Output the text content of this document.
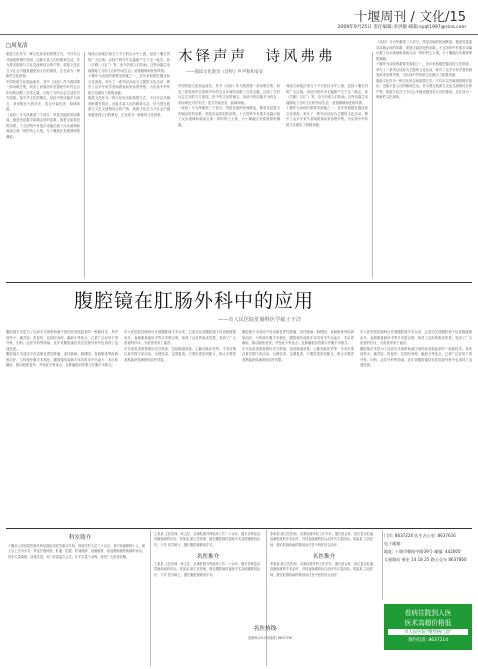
十堰周刊 / 文化/15
2009年9月25日 责任编辑:李洪敏 邮箱:syqt1997@sina.com
□周龙清
木铎声声　诗风弗弗
——阅读文化新诗《诗经》声声和和安安

旅游文化作为一种文化形态和游憩方式，不仅可以开阔视野增长知识，还能丰富人们的精神生活。作为观光旅游与文化交流相结合的产物，旅游文化在当今社会中越来越受到人们的重视，正在成为一种新的文化现象。

中国传统文化源远流长，其中《诗经》作为我国第一部诗歌总集，收录了西周初年至春秋中叶约五百年间的诗歌三百零五篇，反映了当时社会生活的方方面面，是中华文化的瑰宝。诗经中的诗篇多为四言，采用赋比兴的手法，语言朴素优美，韵律和谐。

《诗经》分为风雅颂三个部分，风是各地的民间歌谣，雅是宫廷宴享或朝会时的乐歌，颂是宗庙祭祀的乐歌。十五国风中有很多诗篇记载了汉水流域和周南召南一带的风土人情，与十堰地区有着深厚的渊源。

周南召南地区相当于今天的汉水中上游，包括十堰在内的广大区域。诗经中的许多名篇都产生于这一地区，如《关雎》《汉广》等，至今仍被人们传诵。这些诗篇生动地描绘了当时人们的劳动生活、爱情婚姻和民俗风情。

十堰作为诗经的重要发源地之一，近年来积极挖掘诗经文化资源，举办了一系列以诗经为主题的文化活动，吸引了众多专家学者和游客前来参观考察，为弘扬中华传统文化做出了积极贡献。

旅游文化作为一种文化形态和游憩方式，不仅可以开阔视野增长知识，还能丰富人们的精神生活。作为观光旅游与文化交流相结合的产物，旅游文化在当今社会中越来越受到人们的重视，正在成为一种新的文化现象。

中国传统文化源远流长，其中《诗经》作为我国第一部诗歌总集，收录了西周初年至春秋中叶约五百年间的诗歌三百零五篇，反映了当时社会生活的方方面面，是中华文化的瑰宝。诗经中的诗篇多为四言，采用赋比兴的手法，语言朴素优美，韵律和谐。

《诗经》分为风雅颂三个部分，风是各地的民间歌谣，雅是宫廷宴享或朝会时的乐歌，颂是宗庙祭祀的乐歌。十五国风中有很多诗篇记载了汉水流域和周南召南一带的风土人情，与十堰地区有着深厚的渊源。

周南召南地区相当于今天的汉水中上游，包括十堰在内的广大区域。诗经中的许多名篇都产生于这一地区，如《关雎》《汉广》等，至今仍被人们传诵。这些诗篇生动地描绘了当时人们的劳动生活、爱情婚姻和民俗风情。

十堰作为诗经的重要发源地之一，近年来积极挖掘诗经文化资源，举办了一系列以诗经为主题的文化活动，吸引了众多专家学者和游客前来参观考察，为弘扬中华传统文化做出了积极贡献。

《诗经》分为风雅颂三个部分，风是各地的民间歌谣，雅是宫廷宴享或朝会时的乐歌，颂是宗庙祭祀的乐歌。十五国风中有很多诗篇记载了汉水流域和周南召南一带的风土人情，与十堰地区有着深厚的渊源。

十堰作为诗经的重要发源地之一，近年来积极挖掘诗经文化资源，举办了一系列以诗经为主题的文化活动，吸引了众多专家学者和游客前来参观考察，为弘扬中华传统文化做出了积极贡献。

旅游文化作为一种文化形态和游憩方式，不仅可以开阔视野增长知识，还能丰富人们的精神生活。作为观光旅游与文化交流相结合的产物，旅游文化在当今社会中越来越受到人们的重视，正在成为一种新的文化现象。

腹腔镜在肛肠外科中的应用
——市人民医院肛肠科医学硕士于洋

腹腔镜手术是为了达到手术视野和减少创伤而发展起来的一种新技术，具有创伤小、痛苦轻、恢复快、住院时间短、瘢痕小等优点，已被广泛应用于普外科、妇科、泌尿外科等领域。近年来腹腔镜技术在肛肠外科中也得到了迅速发展。

腹腔镜手术适用于结直肠良恶性肿瘤、炎性肠病、肠梗阻、直肠脱垂等疾病的治疗。与传统开腹手术相比，腹腔镜结直肠手术具有术中出血少、术后疼痛轻、肠功能恢复快、并发症少等优点，且肿瘤根治效果与开腹手术相当。

市人民医院肛肠科自开展腹腔镜手术以来，已成功完成腹腔镜下结直肠癌根治术、直肠脱垂悬吊术等手术数百例，取得了良好的临床效果，受到了广大患者的好评，为患者带来了福音。

手术前患者需要做好充分准备，包括肠道准备、心肺功能评估等；手术后要注意早期下床活动、合理饮食，定期复查。只要医患密切配合，绝大多数患者都能获得满意的治疗效果。

腹腔镜手术适用于结直肠良恶性肿瘤、炎性肠病、肠梗阻、直肠脱垂等疾病的治疗。与传统开腹手术相比，腹腔镜结直肠手术具有术中出血少、术后疼痛轻、肠功能恢复快、并发症少等优点，且肿瘤根治效果与开腹手术相当。

手术前患者需要做好充分准备，包括肠道准备、心肺功能评估等；手术后要注意早期下床活动、合理饮食，定期复查。只要医患密切配合，绝大多数患者都能获得满意的治疗效果。

市人民医院肛肠科自开展腹腔镜手术以来，已成功完成腹腔镜下结直肠癌根治术、直肠脱垂悬吊术等手术数百例，取得了良好的临床效果，受到了广大患者的好评，为患者带来了福音。

腹腔镜手术是为了达到手术视野和减少创伤而发展起来的一种新技术，具有创伤小、痛苦轻、恢复快、住院时间短、瘢痕小等优点，已被广泛应用于普外科、妇科、泌尿外科等领域。近年来腹腔镜技术在肛肠外科中也得到了迅速发展。

科室简介
十堰市人民医院肛肠外科是湖北省医学重点专科，现有医护人员三十余名，其中高级职称十人，硕士以上学历多名。科室开展痔疮、肛瘘、肛裂、肛周脓肿、直肠脱垂、结直肠肿瘤等疾病的诊治，技术力量雄厚，设备先进，年门诊量逾万人次，年手术量千余例，深受广大患者信赖。
王某某 主任医师，科主任，从事肛肠外科临床工作二十余年，擅长各种复杂肛肠疾病的诊治。张某某 副主任医师，擅长腹腔镜结直肠手术及痔瘘微创治疗。于洋 医学硕士，擅长腹腔镜微创手术。
名医推介
王某某 主任医师，科主任，从事肛肠外科临床工作二十余年，擅长各种复杂肛肠疾病的诊治。张某某 副主任医师，擅长腹腔镜结直肠手术及痔瘘微创治疗。于洋 医学硕士，擅长腹腔镜微创手术。
李某某 副主任医师，从事肛肠外科工作多年，擅长混合痔、高位复杂肛瘘、直肠脱垂的手术治疗，对结直肠癌的综合治疗有丰富经验。周某某 主治医师，擅长肛肠疾病的微创治疗及中西医结合治疗。
名医推介
李某某 副主任医师，从事肛肠外科工作多年，擅长混合痔、高位复杂肛瘘、直肠脱垂的手术治疗，对结直肠癌的综合治疗有丰富经验。周某某 主治医师，擅长肛肠疾病的微创治疗及中西医结合治疗。
名医热线
肛肠科(24小时值班) 8637336
门诊: 8637226 医生办公室: 8637616
电子邮箱:
地址: 十堰市朝阳中路39号 邮编: 442000
太极路站 乘坐 14 18 25 路公交车 8637860
看病住院到人医
医术高超价格低
市人民医院"慢性病门诊"
预约电话: 8637214
